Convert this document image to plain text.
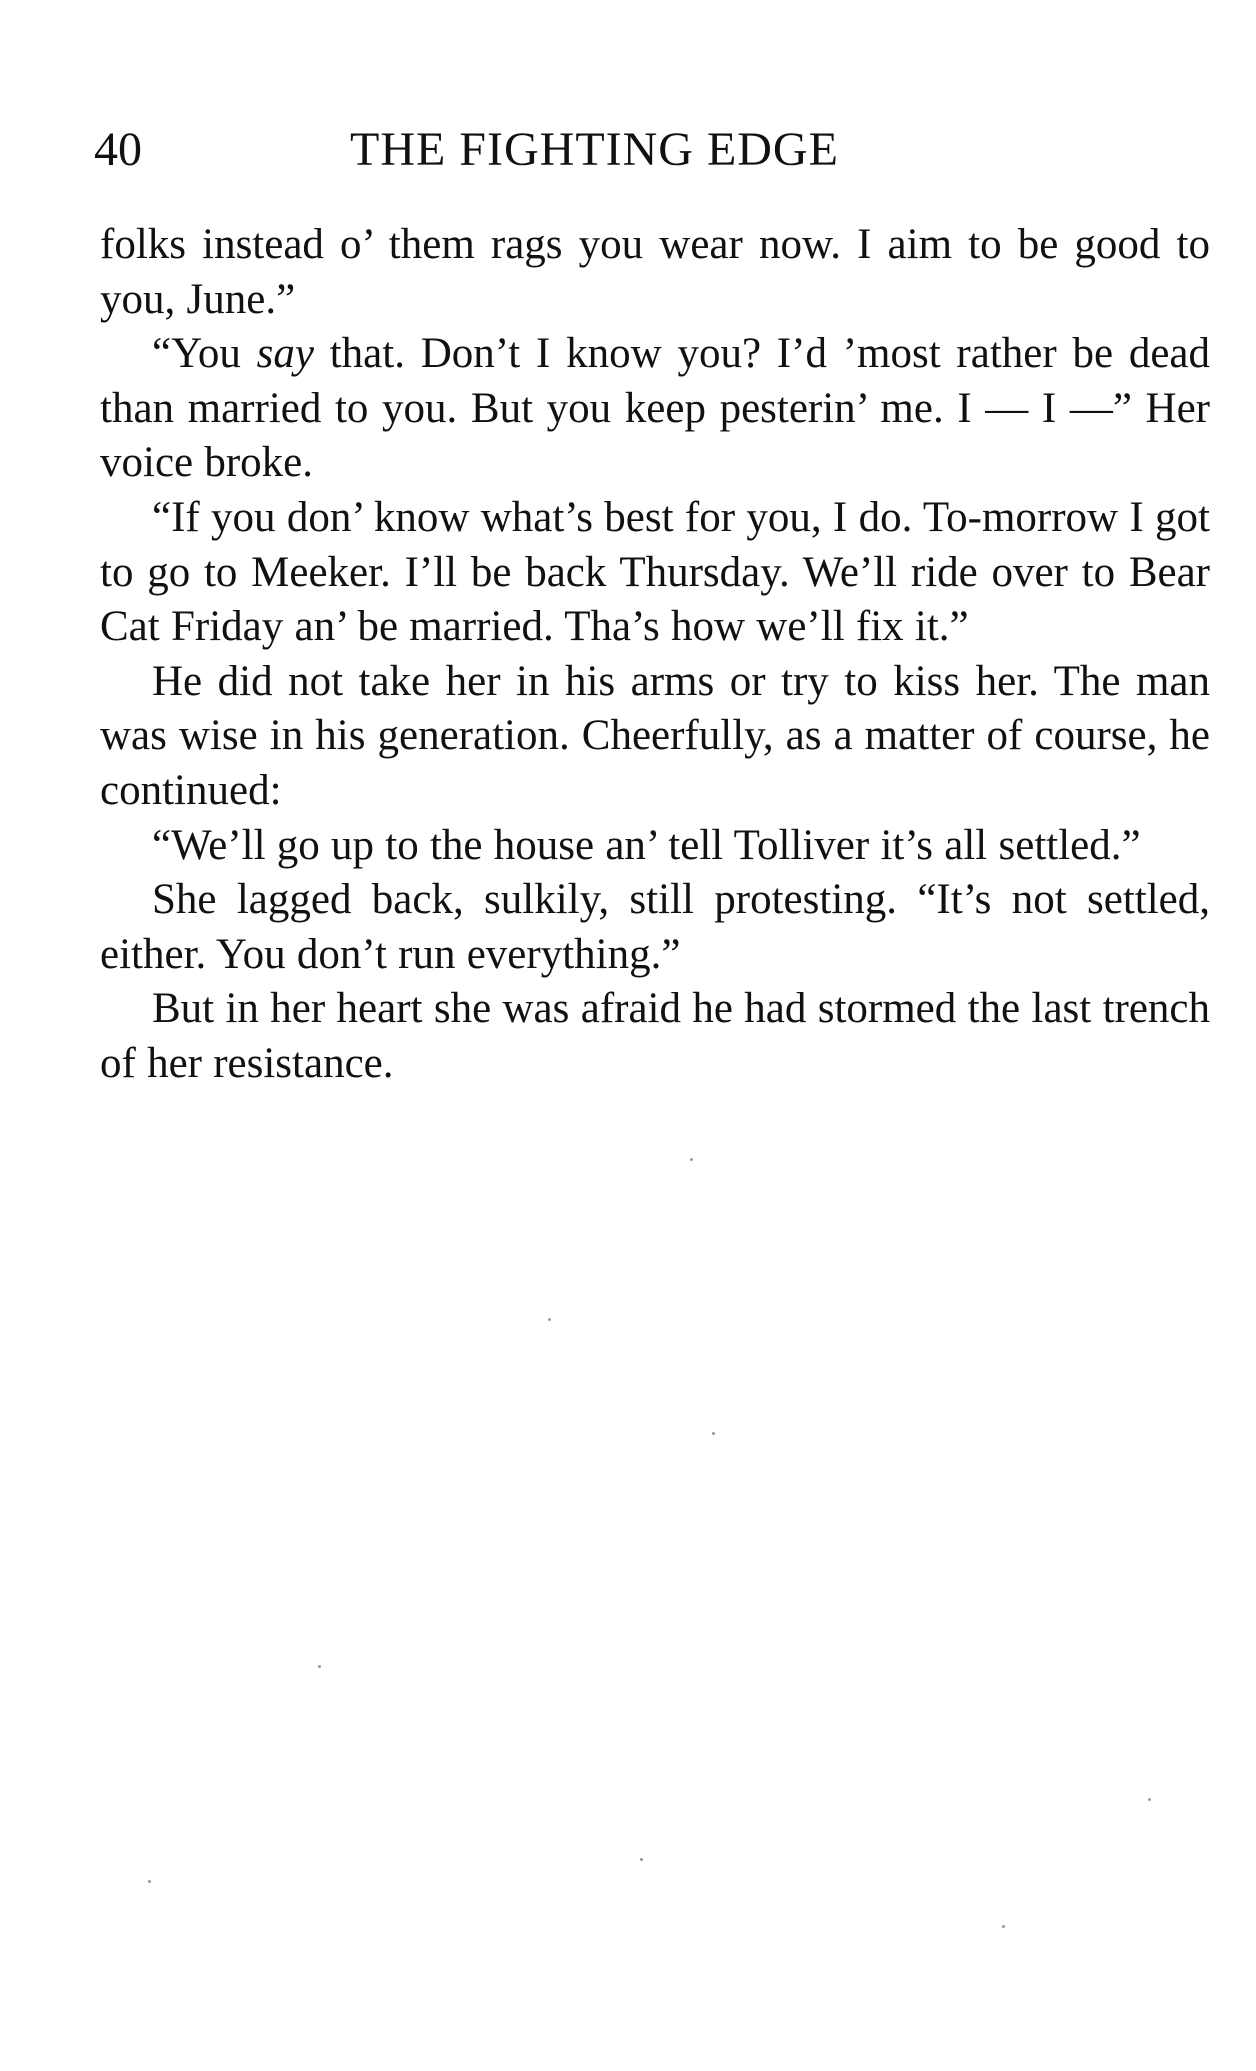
40	THE FIGHTING EDGE

folks instead o’ them rags you wear now. I aim to be good to you, June.”

“You say that. Don’t I know you? I’d ’most rather be dead than married to you. But you keep pesterin’ me. I — I —” Her voice broke.

“If you don’ know what’s best for you, I do. To-morrow I got to go to Meeker. I’ll be back Thursday. We’ll ride over to Bear Cat Friday an’ be married. Tha’s how we’ll fix it.”

He did not take her in his arms or try to kiss her. The man was wise in his generation. Cheerfully, as a matter of course, he continued:

“We’ll go up to the house an’ tell Tolliver it’s all settled.”

She lagged back, sulkily, still protesting. “It’s not settled, either. You don’t run everything.”

But in her heart she was afraid he had stormed the last trench of her resistance.
